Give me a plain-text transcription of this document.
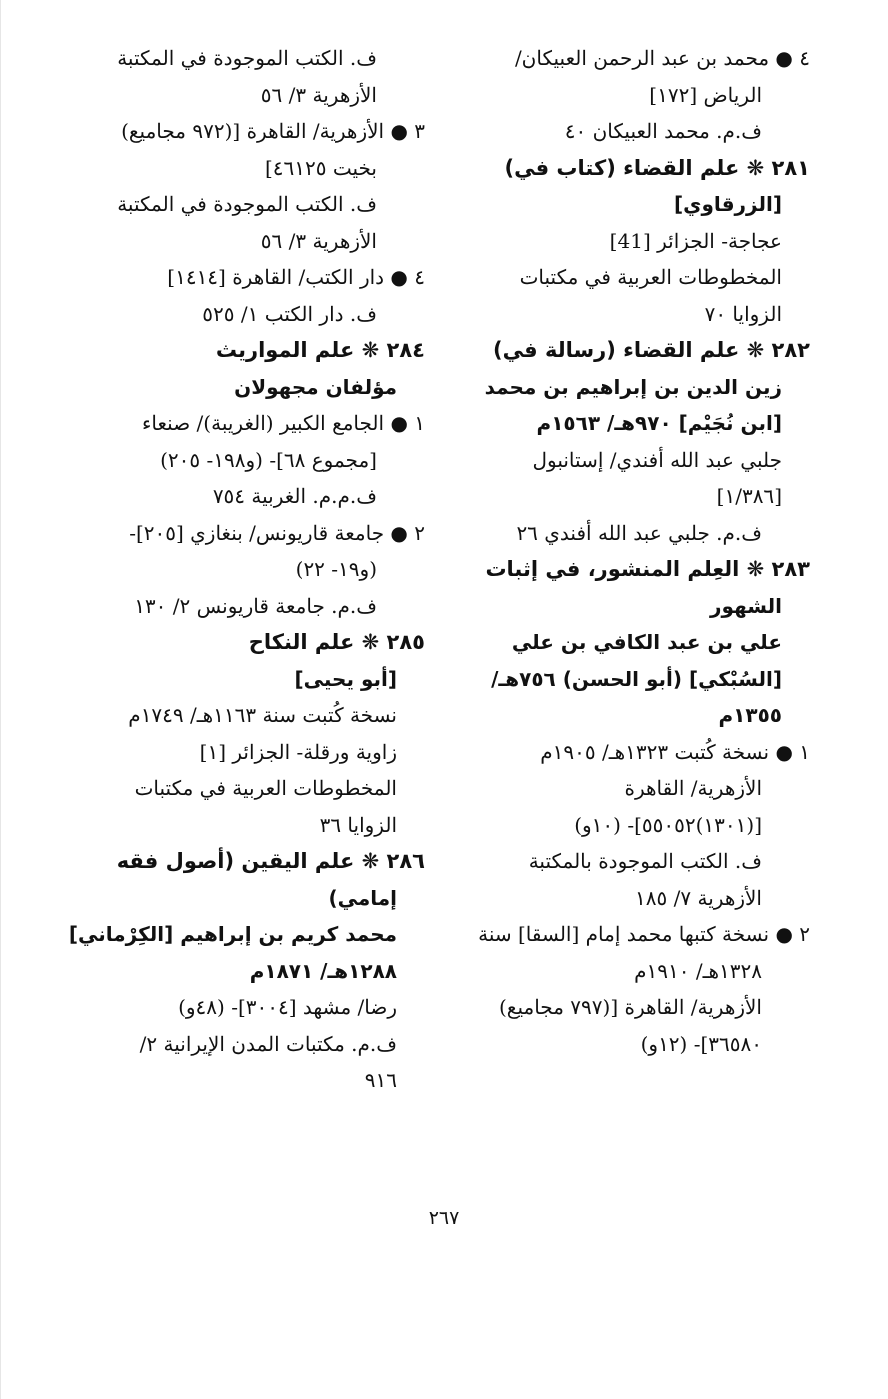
٤ ● محمد بن عبد الرحمن العبيكان/
الرياض [١٧٢]
ف.م. محمد العبيكان ٤٠
٢٨١ ❋ علم القضاء (كتاب في)
[الزرقاوي]
عجاجة- الجزائر [41]
المخطوطات العربية في مكتبات
الزوايا ٧٠
٢٨٢ ❋ علم القضاء (رسالة في)
زين الدين بن إبراهيم بن محمد
[ابن نُجَيْم] ٩٧٠هـ/ ١٥٦٣م
جلبي عبد الله أفندي/ إستانبول
[١/٣٨٦]
ف.م. جلبي عبد الله أفندي ٢٦
٢٨٣ ❋ العِلم المنشور، في إثبات
الشهور
علي بن عبد الكافي بن علي
[السُبْكي] (أبو الحسن) ٧٥٦هـ/
١٣٥٥م
١ ● نسخة كُتبت ١٣٢٣هـ/ ١٩٠٥م
الأزهرية/ القاهرة
[(١٣٠١)٥٥٠٥٢]- (١٠و)
ف. الكتب الموجودة بالمكتبة
الأزهرية ٧/ ١٨٥
٢ ● نسخة كتبها محمد إمام [السقا] سنة
١٣٢٨هـ/ ١٩١٠م
الأزهرية/ القاهرة [(٧٩٧ مجاميع)
٣٦٥٨٠]- (١٢و)
ف. الكتب الموجودة في المكتبة
الأزهرية ٣/ ٥٦
٣ ● الأزهرية/ القاهرة [(٩٧٢ مجاميع)
بخيت ٤٦١٢٥]
ف. الكتب الموجودة في المكتبة
الأزهرية ٣/ ٥٦
٤ ● دار الكتب/ القاهرة [١٤١٤]
ف. دار الكتب ١/ ٥٢٥
٢٨٤ ❋ علم المواريث
مؤلفان مجهولان
١ ● الجامع الكبير (الغريبة)/ صنعاء
[مجموع ٦٨]- (و١٩٨- ٢٠٥)
ف.م.م. الغربية ٧٥٤
٢ ● جامعة قاريونس/ بنغازي [٢٠٥]-
(و١٩- ٢٢)
ف.م. جامعة قاريونس ٢/ ١٣٠
٢٨٥ ❋ علم النكاح
[أبو يحيى]
نسخة كُتبت سنة ١١٦٣هـ/ ١٧٤٩م
زاوية ورقلة- الجزائر [١]
المخطوطات العربية في مكتبات
الزوايا ٣٦
٢٨٦ ❋ علم اليقين (أصول فقه
إمامي)
محمد كريم بن إبراهيم [الكِرْماني]
١٢٨٨هـ/ ١٨٧١م
رضا/ مشهد [٣٠٠٤]- (٤٨و)
ف.م. مكتبات المدن الإيرانية ٢/
٩١٦
٢٦٧
